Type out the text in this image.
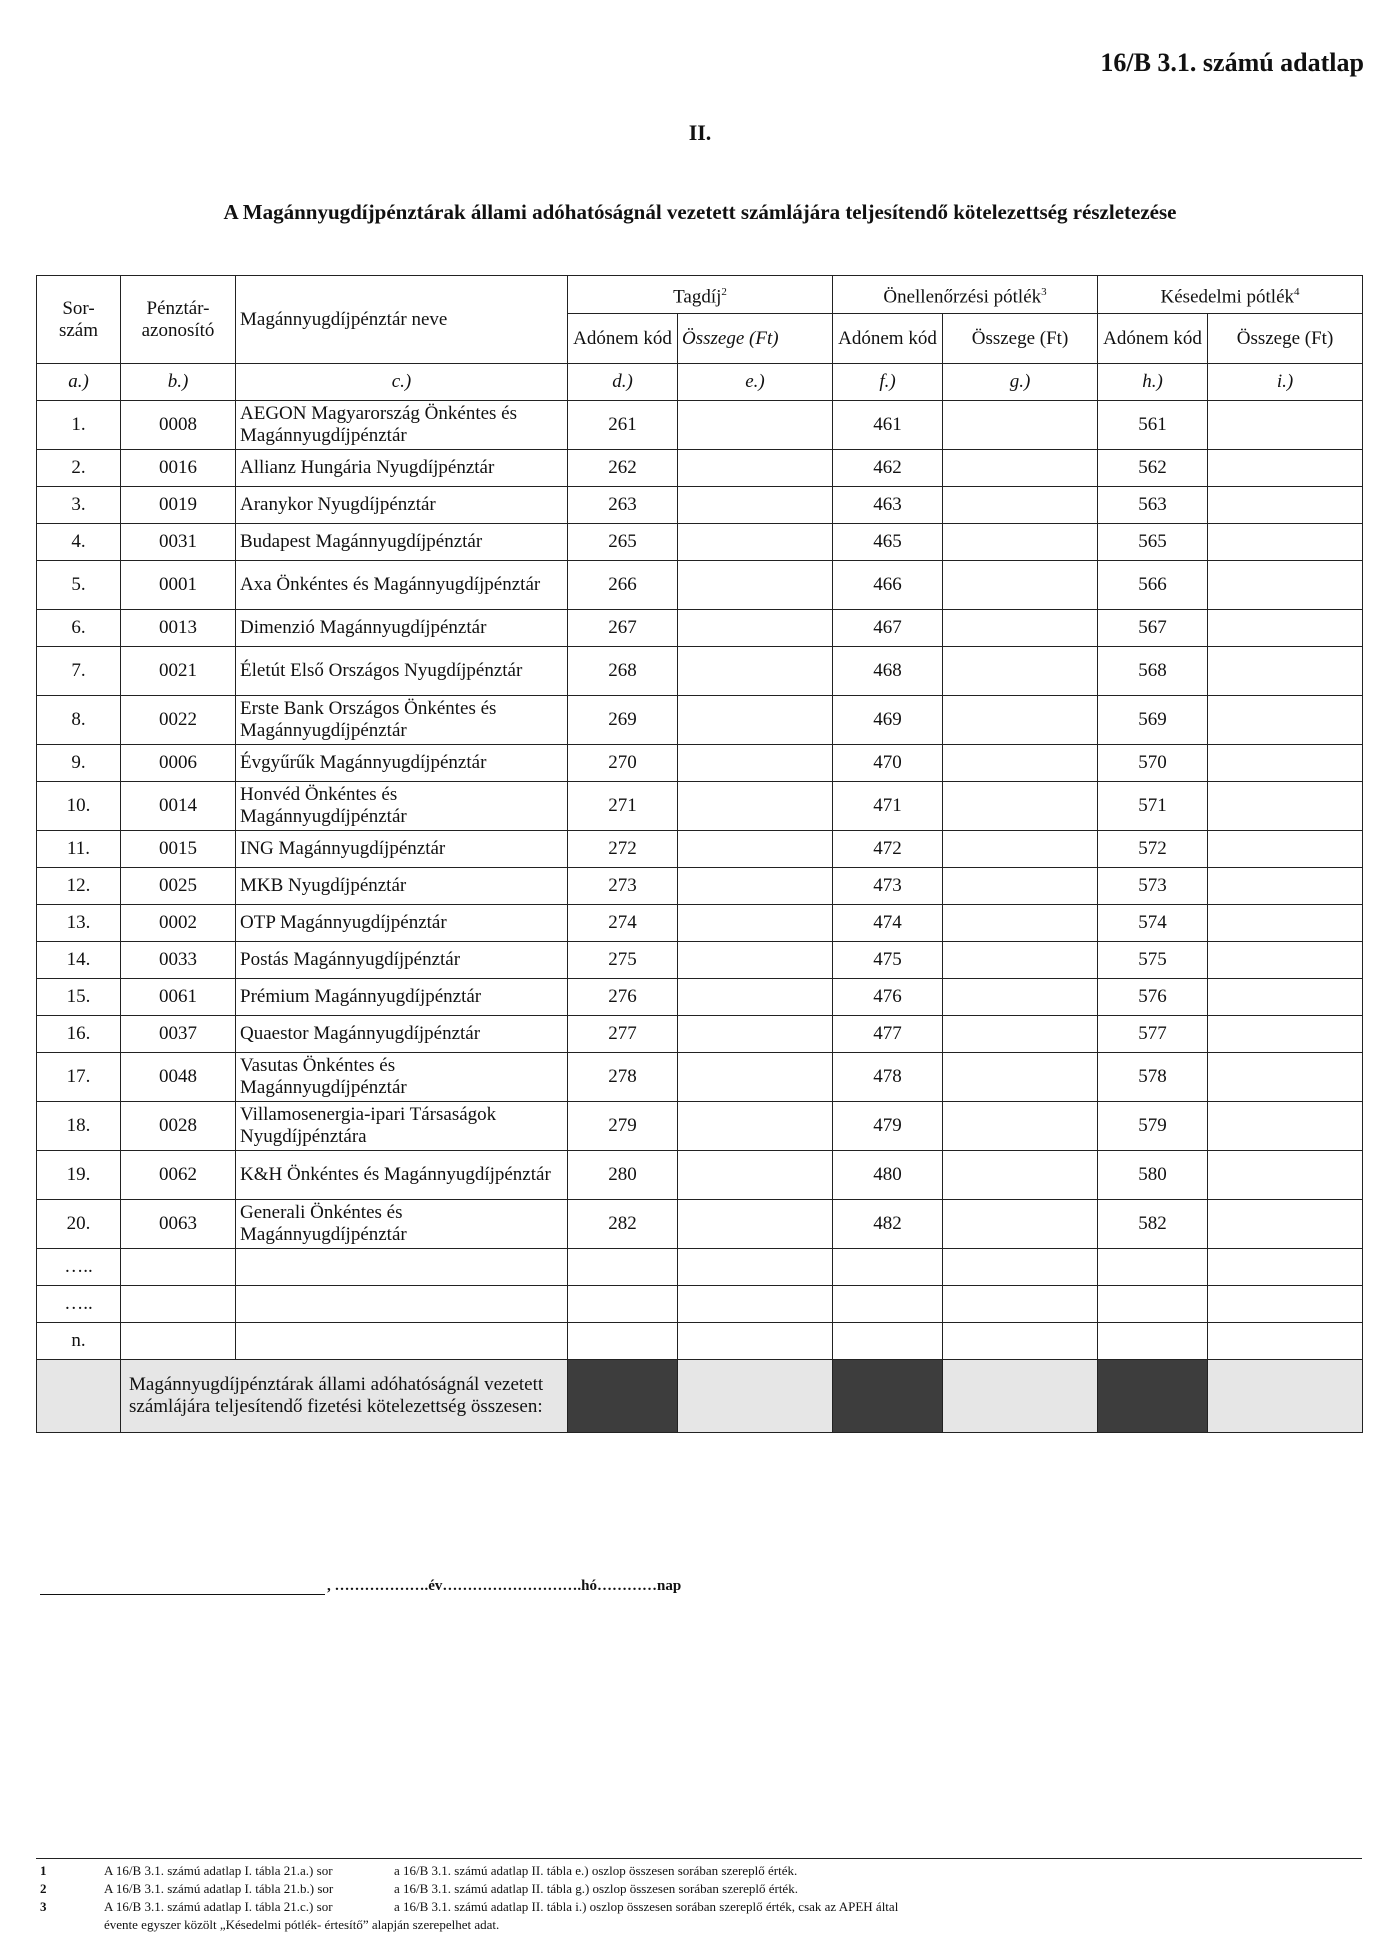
16/B 3.1. számú adatlap
II.
A Magánnyugdíjpénztárak állami adóhatóságnál vezetett számlájára teljesítendő kötelezettség részletezése
Sor- szám	Pénztár- azonosító	Magánnyugdíjpénztár neve	Tagdíj$^2$		Önellenőrzési pótlék$^3$		Késedelmi pótlék$^4$
			Adónem kód	Összege (Ft)	Adónem kód	Összege (Ft)	Adónem kód	Összege (Ft)
a.)	b.)	c.)	d.)	e.)	f.)	g.)	h.)	i.)
1.	0008	AEGON Magyarország Önkéntes és Magánnyugdíjpénztár	261		461		561	
2.	0016	Allianz Hungária Nyugdíjpénztár	262		462		562	
3.	0019	Aranykor Nyugdíjpénztár	263		463		563	
4.	0031	Budapest Magánnyugdíjpénztár	265		465		565	
5.	0001	Axa Önkéntes és Magánnyugdíjpénztár	266		466		566	
6.	0013	Dimenzió Magánnyugdíjpénztár	267		467		567	
7.	0021	Életút Első Országos Nyugdíjpénztár	268		468		568	
8.	0022	Erste Bank Országos Önkéntes és Magánnyugdíjpénztár	269		469		569	
9.	0006	Évgyűrűk Magánnyugdíjpénztár	270		470		570	
10.	0014	Honvéd Önkéntes és Magánnyugdíjpénztár	271		471		571	
11.	0015	ING Magánnyugdíjpénztár	272		472		572	
12.	0025	MKB Nyugdíjpénztár	273		473		573	
13.	0002	OTP Magánnyugdíjpénztár	274		474		574	
14.	0033	Postás Magánnyugdíjpénztár	275		475		575	
15.	0061	Prémium Magánnyugdíjpénztár	276		476		576	
16.	0037	Quaestor Magánnyugdíjpénztár	277		477		577	
17.	0048	Vasutas Önkéntes és Magánnyugdíjpénztár	278		478		578	
18.	0028	Villamosenergia-ipari Társaságok Nyugdíjpénztára	279		479		579	
19.	0062	K&H Önkéntes és Magánnyugdíjpénztár	280		480		580	
20.	0063	Generali Önkéntes és Magánnyugdíjpénztár	282		482		582	
…..								
…..								
n.								
	Magánnyugdíjpénztárak állami adóhatóságnál vezetett számlájára teljesítendő fizetési kötelezettség összesen:							
, ……………….év……………………….hó…………nap
1	A 16/B 3.1. számú adatlap I. tábla 21.a.) sor	a 16/B 3.1. számú adatlap II. tábla e.) oszlop összesen sorában szereplő érték.
2	A 16/B 3.1. számú adatlap I. tábla 21.b.) sor	a 16/B 3.1. számú adatlap II. tábla g.) oszlop összesen sorában szereplő érték.
3	A 16/B 3.1. számú adatlap I. tábla 21.c.) sor	a 16/B 3.1. számú adatlap II. tábla i.) oszlop összesen sorában szereplő érték, csak az APEH által
évente egyszer közölt „Késedelmi pótlék- értesítő” alapján szerepelhet adat.
